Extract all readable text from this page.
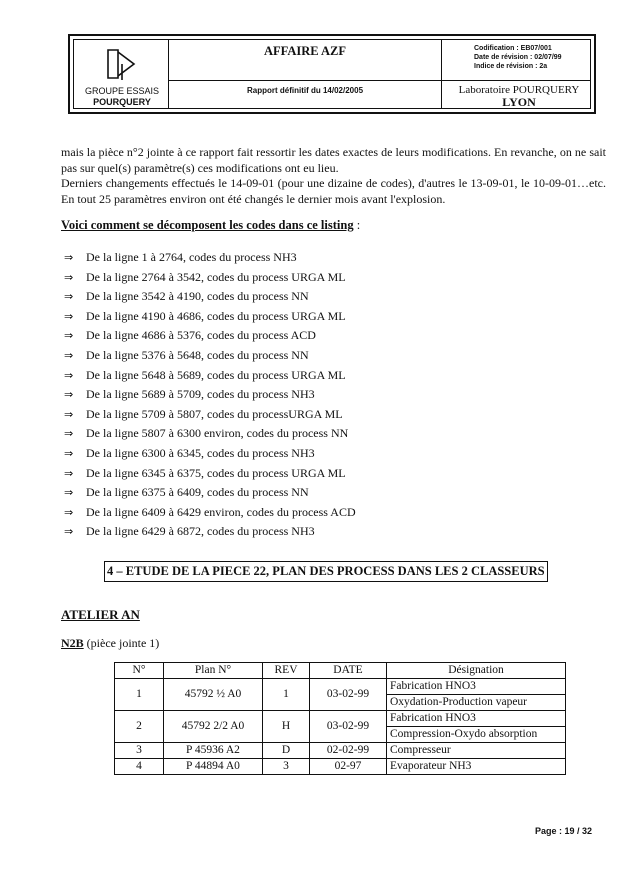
GROUPE ESSAIS
POURQUERY
AFFAIRE AZF
Rapport définitif du 14/02/2005
Codification : EB07/001
Date de révision : 02/07/99
Indice de révision : 2a
Laboratoire POURQUERY
LYON
mais la pièce n°2 jointe à ce rapport fait ressortir les dates exactes de leurs modifications. En revanche, on ne sait pas sur quel(s) paramètre(s) ces modifications ont eu lieu.
Derniers changements effectués le 14-09-01 (pour une dizaine de codes), d'autres le 13-09-01, le 10-09-01…etc. En tout 25 paramètres environ ont été changés le dernier mois avant l'explosion.
Voici comment se décomposent les codes dans ce listing :
⇒ De la ligne 1 à 2764, codes du process NH3
⇒ De la ligne 2764 à 3542, codes du process URGA ML
⇒ De la ligne 3542 à 4190, codes du process NN
⇒ De la ligne 4190 à 4686, codes du process URGA ML
⇒ De la ligne 4686 à 5376, codes du process ACD
⇒ De la ligne 5376 à 5648, codes du process NN
⇒ De la ligne 5648 à 5689, codes du process URGA ML
⇒ De la ligne 5689 à 5709, codes du process NH3
⇒ De la ligne 5709 à 5807, codes du processURGA ML
⇒ De la ligne 5807 à 6300 environ, codes du process NN
⇒ De la ligne 6300 à 6345, codes du process NH3
⇒ De la ligne 6345 à 6375, codes du process URGA ML
⇒ De la ligne 6375 à 6409, codes du process NN
⇒ De la ligne 6409 à 6429 environ, codes du process ACD
⇒ De la ligne 6429 à 6872, codes du process NH3
4 – ETUDE DE LA PIECE 22, PLAN DES PROCESS DANS LES 2 CLASSEURS
ATELIER AN
N2B (pièce jointe 1)
N°	Plan N°	REV	DATE	Désignation
1	45792 ½ A0	1	03-02-99	Fabrication HNO3
Oxydation-Production vapeur

2	45792 2/2 A0	H	03-02-99	Fabrication HNO3
Compression-Oxydo absorption

3	P 45936 A2	D	02-02-99	Compresseur

4	P 44894 A0	3	02-97	Evaporateur NH3
Page : 19 / 32
